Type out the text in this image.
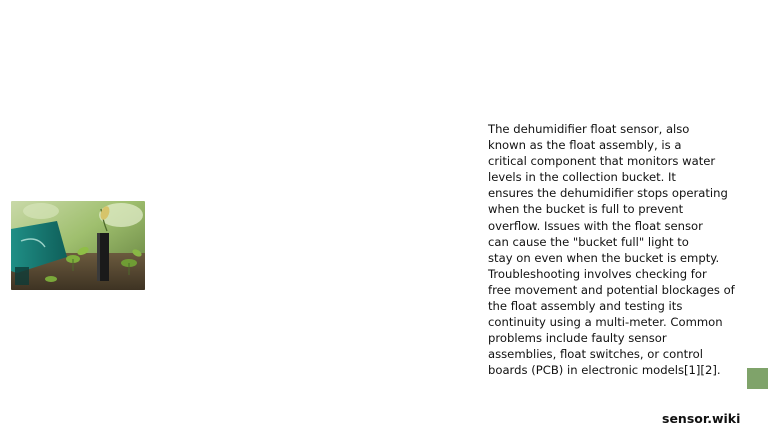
The dehumidifier float sensor, also
known as the float assembly, is a
critical component that monitors water
levels in the collection bucket. It
ensures the dehumidifier stops operating
when the bucket is full to prevent
overflow. Issues with the float sensor
can cause the "bucket full" light to
stay on even when the bucket is empty.
Troubleshooting involves checking for
free movement and potential blockages of
the float assembly and testing its
continuity using a multi-meter. Common
problems include faulty sensor
assemblies, float switches, or control
boards (PCB) in electronic models[1][2].
sensor.wiki
